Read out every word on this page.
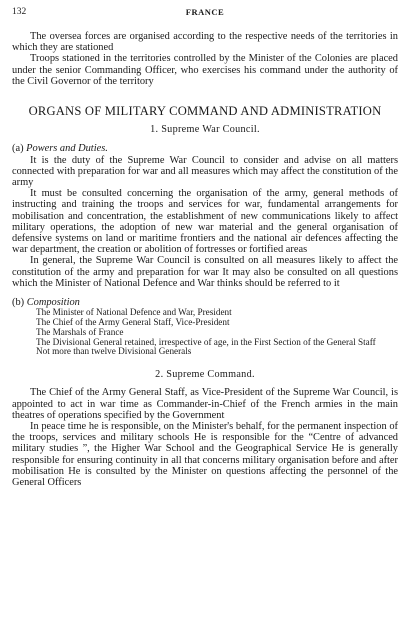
132	FRANCE

The oversea forces are organised according to the respective needs of the territories in which they are stationed

Troops stationed in the territories controlled by the Minister of the Colonies are placed under the senior Commanding Officer, who exercises his command under the authority of the Civil Governor of the territory

ORGANS OF MILITARY COMMAND AND ADMINISTRATION
1. Supreme War Council.
(a) Powers and Duties.

It is the duty of the Supreme War Council to consider and advise on all matters connected with preparation for war and all measures which may affect the constitution of the army

It must be consulted concerning the organisation of the army, general methods of instructing and training the troops and services for war, fundamental arrangements for mobilisation and concentration, the establishment of new communications likely to affect military operations, the adoption of new war material and the general organisation of defensive systems on land or maritime frontiers and the national air defences affecting the war department, the creation or abolition of fortresses or fortified areas

In general, the Supreme War Council is consulted on all measures likely to affect the constitution of the army and preparation for war It may also be consulted on all questions which the Minister of National Defence and War thinks should be referred to it

(b) Composition
The Minister of National Defence and War, President
The Chief of the Army General Staff, Vice-President
The Marshals of France
The Divisional General retained, irrespective of age, in the First Section of the General Staff
Not more than twelve Divisional Generals
2. Supreme Command.

The Chief of the Army General Staff, as Vice-President of the Supreme War Council, is appointed to act in war time as Commander-in-Chief of the French armies in the main theatres of operations specified by the Government

In peace time he is responsible, on the Minister's behalf, for the permanent inspection of the troops, services and military schools He is responsible for the “Centre of advanced military studies ”, the Higher War School and the Geographical Service He is generally responsible for ensuring continuity in all that concerns military organisation before and after mobilisation He is consulted by the Minister on questions affecting the personnel of the General Officers
